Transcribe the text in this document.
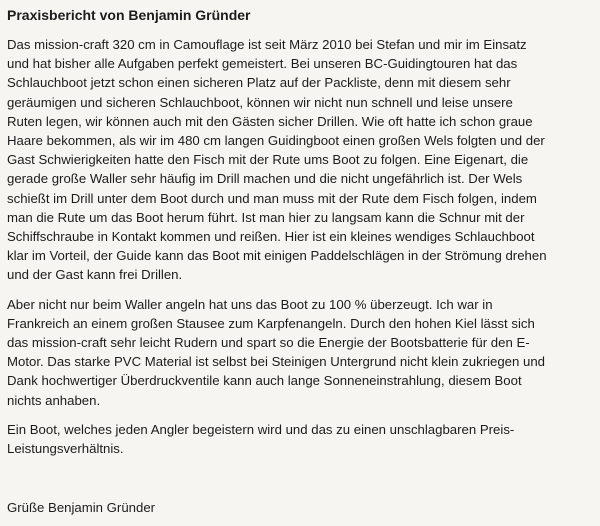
Praxisbericht von Benjamin Gründer
Das mission-craft 320 cm in Camouflage ist seit März 2010 bei Stefan und mir im Einsatz
und hat bisher alle Aufgaben perfekt gemeistert. Bei unseren BC-Guidingtouren hat das
Schlauchboot jetzt schon einen sicheren Platz auf der Packliste, denn mit diesem sehr
geräumigen und sicheren Schlauchboot, können wir nicht nun schnell und leise unsere
Ruten legen, wir können auch mit den Gästen sicher Drillen. Wie oft hatte ich schon graue
Haare bekommen, als wir im 480 cm langen Guidingboot einen großen Wels folgten und der
Gast Schwierigkeiten hatte den Fisch mit der Rute ums Boot zu folgen. Eine Eigenart, die
gerade große Waller sehr häufig im Drill machen und die nicht ungefährlich ist. Der Wels
schießt im Drill unter dem Boot durch und man muss mit der Rute dem Fisch folgen, indem
man die Rute um das Boot herum führt. Ist man hier zu langsam kann die Schnur mit der
Schiffschraube in Kontakt kommen und reißen. Hier ist ein kleines wendiges Schlauchboot
klar im Vorteil, der Guide kann das Boot mit einigen Paddelschlägen in der Strömung drehen
und der Gast kann frei Drillen.
Aber nicht nur beim Waller angeln hat uns das Boot zu 100 % überzeugt. Ich war in
Frankreich an einem großen Stausee zum Karpfenangeln. Durch den hohen Kiel lässt sich
das mission-craft sehr leicht Rudern und spart so die Energie der Bootsbatterie für den E-
Motor. Das starke PVC Material ist selbst bei Steinigen Untergrund nicht klein zukriegen und
Dank hochwertiger Überdruckventile kann auch lange Sonneneinstrahlung, diesem Boot
nichts anhaben.
Ein Boot, welches jeden Angler begeistern wird und das zu einen unschlagbaren Preis-
Leistungsverhältnis.
Grüße Benjamin Gründer
